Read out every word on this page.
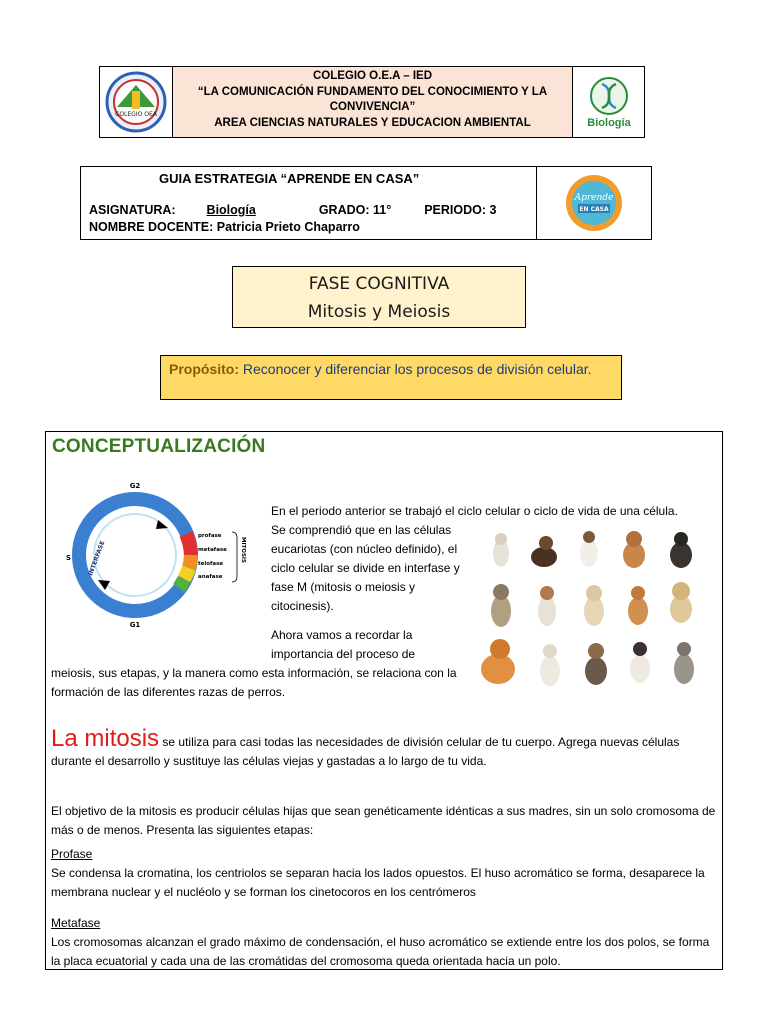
COLEGIO OEA
COLEGIO O.E.A – IED
“LA COMUNICACIÓN FUNDAMENTO DEL CONOCIMIENTO Y LA
CONVIVENCIA”
AREA CIENCIAS NATURALES Y EDUCACION AMBIENTAL	Biología
GUIA ESTRATEGIA “APRENDE EN CASA”
ASIGNATURA: Biología	GRADO: 11°	PERIODO: 3
NOMBRE DOCENTE: Patricia Prieto Chaparro
Aprende
EN CASA
FASE COGNITIVA
Mitosis y Meiosis
Propósito: Reconocer y diferenciar los procesos de división celular.
CONCEPTUALIZACIÓN
G2
G1
S	INTERFASE
profase
metafase
telofase
anafase
MITOSIS
En el periodo anterior se trabajó el ciclo celular o ciclo de vida de una célula.
Se comprendió que en las células eucariotas (con núcleo definido), el ciclo celular se divide en interfase y fase M (mitosis o meiosis y citocinesis).
Ahora vamos a recordar la importancia del proceso de
meiosis, sus etapas, y la manera como esta información, se relaciona con la formación de las diferentes razas de perros.
La mitosis se utiliza para casi todas las necesidades de división celular de tu cuerpo. Agrega nuevas células durante el desarrollo y sustituye las células viejas y gastadas a lo largo de tu vida.
El objetivo de la mitosis es producir células hijas que sean genéticamente idénticas a sus madres, sin un solo cromosoma de más o de menos. Presenta las siguientes etapas:
Profase
Se condensa la cromatina, los centriolos se separan hacia los lados opuestos. El huso acromático se forma, desaparece la membrana nuclear y el nucléolo y se forman los cinetocoros en los centrómeros
Metafase
Los cromosomas alcanzan el grado máximo de condensación, el huso acromático se extiende entre los dos polos, se forma la placa ecuatorial y cada una de las cromátidas del cromosoma queda orientada hacia un polo.
